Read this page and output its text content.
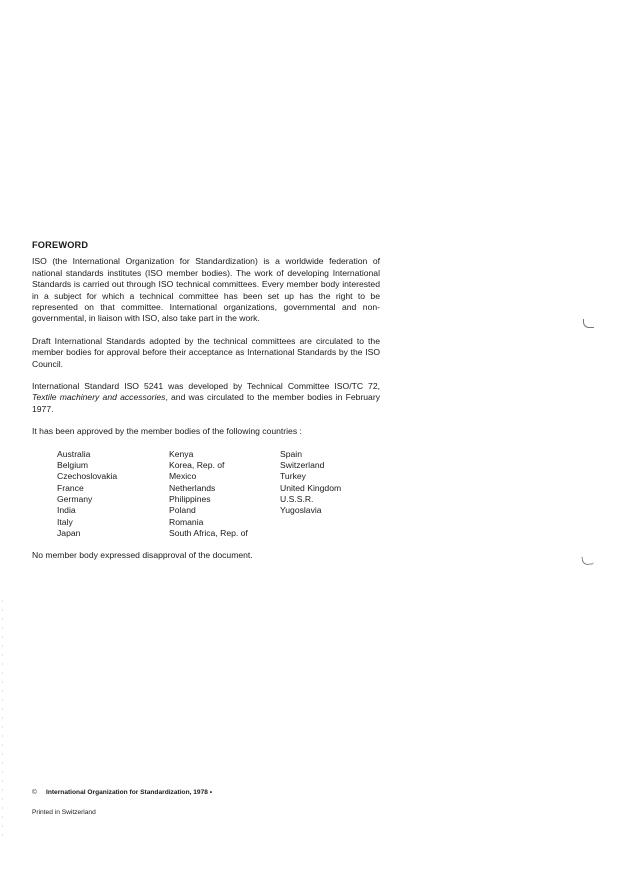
FOREWORD

ISO (the International Organization for Standardization) is a worldwide federation of national standards institutes (ISO member bodies). The work of developing International Standards is carried out through ISO technical committees. Every member body interested in a subject for which a technical committee has been set up has the right to be represented on that committee. International organizations, governmental and non-governmental, in liaison with ISO, also take part in the work.

Draft International Standards adopted by the technical committees are circulated to the member bodies for approval before their acceptance as International Standards by the ISO Council.

International Standard ISO 5241 was developed by Technical Committee ISO/TC 72, Textile machinery and accessories, and was circulated to the member bodies in February 1977.

It has been approved by the member bodies of the following countries :

Australia
Belgium
Czechoslovakia
France
Germany
India
Italy
Japan
Kenya
Korea, Rep. of
Mexico
Netherlands
Philippines
Poland
Romania
South Africa, Rep. of
Spain
Switzerland
Turkey
United Kingdom
U.S.S.R.
Yugoslavia

No member body expressed disapproval of the document.

© International Organization for Standardization, 1978 •
Printed in Switzerland
